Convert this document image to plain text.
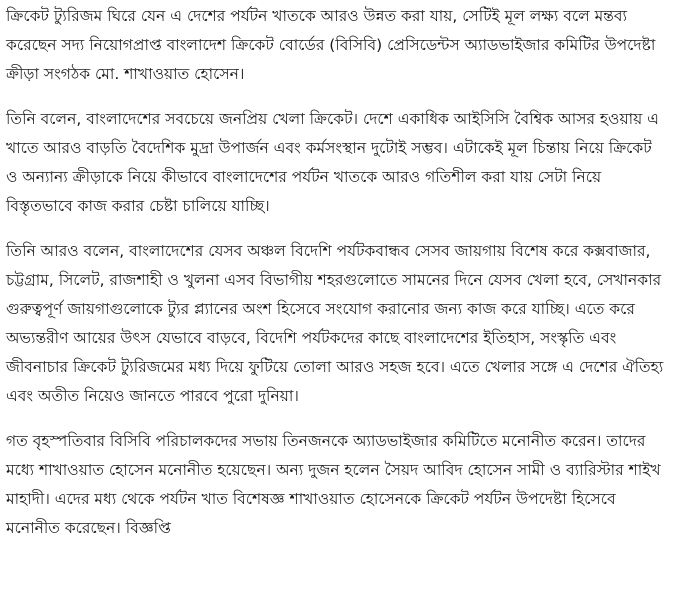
ক্রিকেট ট্যুরিজম ঘিরে যেন এ দেশের পর্যটন খাতকে আরও উন্নত করা যায়, সেটিই মূল লক্ষ্য বলে মন্তব্য করেছেন সদ্য নিয়োগপ্রাপ্ত বাংলাদেশ ক্রিকেট বোর্ডের (বিসিবি) প্রেসিডেন্টস অ্যাডভাইজার কমিটির উপদেষ্টা ক্রীড়া সংগঠক মো. শাখাওয়াত হোসেন।

তিনি বলেন, বাংলাদেশের সবচেয়ে জনপ্রিয় খেলা ক্রিকেট। দেশে একাধিক আইসিসি বৈশ্বিক আসর হওয়ায় এ খাতে আরও বাড়তি বৈদেশিক মুদ্রা উপার্জন এবং কর্মসংস্থান দুটোই সম্ভব। এটাকেই মূল চিন্তায় নিয়ে ক্রিকেট ও অন্যান্য ক্রীড়াকে নিয়ে কীভাবে বাংলাদেশের পর্যটন খাতকে আরও গতিশীল করা যায় সেটা নিয়ে বিস্তৃতভাবে কাজ করার চেষ্টা চালিয়ে যাচ্ছি।

তিনি আরও বলেন, বাংলাদেশের যেসব অঞ্চল বিদেশি পর্যটকবান্ধব সেসব জায়গায় বিশেষ করে কক্সবাজার, চট্টগ্রাম, সিলেট, রাজশাহী ও খুলনা এসব বিভাগীয় শহরগুলোতে সামনের দিনে যেসব খেলা হবে, সেখানকার গুরুত্বপূর্ণ জায়গাগুলোকে ট্যুর প্ল্যানের অংশ হিসেবে সংযোগ করানোর জন্য কাজ করে যাচ্ছি। এতে করে অভ্যন্তরীণ আয়ের উৎস যেভাবে বাড়বে, বিদেশি পর্যটকদের কাছে বাংলাদেশের ইতিহাস, সংস্কৃতি এবং জীবনাচার ক্রিকেট ট্যুরিজমের মধ্য দিয়ে ফুটিয়ে তোলা আরও সহজ হবে। এতে খেলার সঙ্গে এ দেশের ঐতিহ্য এবং অতীত নিয়েও জানতে পারবে পুরো দুনিয়া।

গত বৃহস্পতিবার বিসিবি পরিচালকদের সভায় তিনজনকে অ্যাডভাইজার কমিটিতে মনোনীত করেন। তাদের মধ্যে শাখাওয়াত হোসেন মনোনীত হয়েছেন। অন্য দুজন হলেন সৈয়দ আবিদ হোসেন সামী ও ব্যারিস্টার শাইখ মাহাদী। এদের মধ্য থেকে পর্যটন খাত বিশেষজ্ঞ শাখাওয়াত হোসেনকে ক্রিকেট পর্যটন উপদেষ্টা হিসেবে মনোনীত করেছেন। বিজ্ঞপ্তি
